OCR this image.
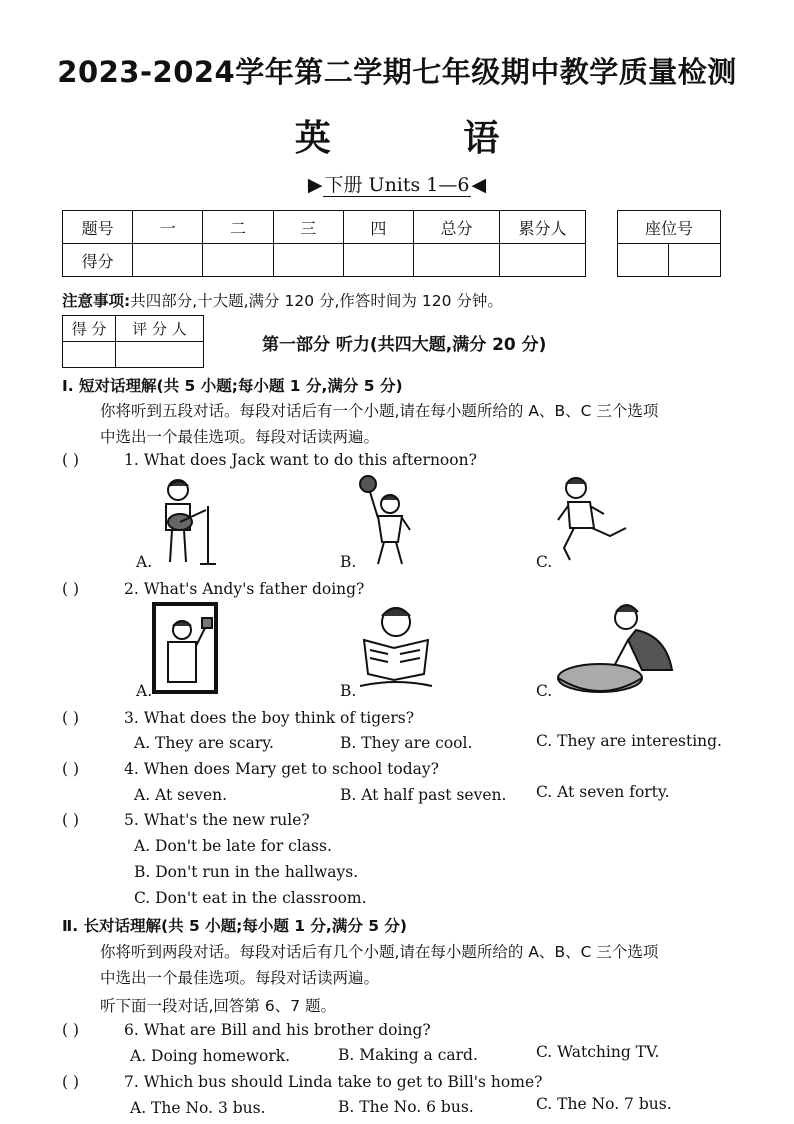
2023-2024学年第二学期七年级期中教学质量检测
英 语
▶ 下册 Units 1—6 ◀
题号	一	二	三	四	总分	累分人
得分						
座位号

注意事项:共四部分,十大题,满分 120 分,作答时间为 120 分钟。
得 分	评 分 人

第一部分 听力(共四大题,满分 20 分)
Ⅰ. 短对话理解(共 5 小题;每小题 1 分,满分 5 分)
你将听到五段对话。每段对话后有一个小题,请在每小题所给的 A、B、C 三个选项
中选出一个最佳选项。每段对话读两遍。
( )	1. What does Jack want to do this afternoon?
A.	B.	C.
( )	2. What's Andy's father doing?
A.	B.	C.
( )	3. What does the boy think of tigers?
A. They are scary.	B. They are cool.	C. They are interesting.
( )	4. When does Mary get to school today?
A. At seven.	B. At half past seven. C. At seven forty.
( )	5. What's the new rule?
A. Don't be late for class.
B. Don't run in the hallways.
C. Don't eat in the classroom.
Ⅱ. 长对话理解(共 5 小题;每小题 1 分,满分 5 分)
你将听到两段对话。每段对话后有几个小题,请在每小题所给的 A、B、C 三个选项
中选出一个最佳选项。每段对话读两遍。
听下面一段对话,回答第 6、7 题。
( )	6. What are Bill and his brother doing?
A. Doing homework.	B. Making a card.	C. Watching TV.
( )	7. Which bus should Linda take to get to Bill's home?
A. The No. 3 bus.	B. The No. 6 bus.	C. The No. 7 bus.
